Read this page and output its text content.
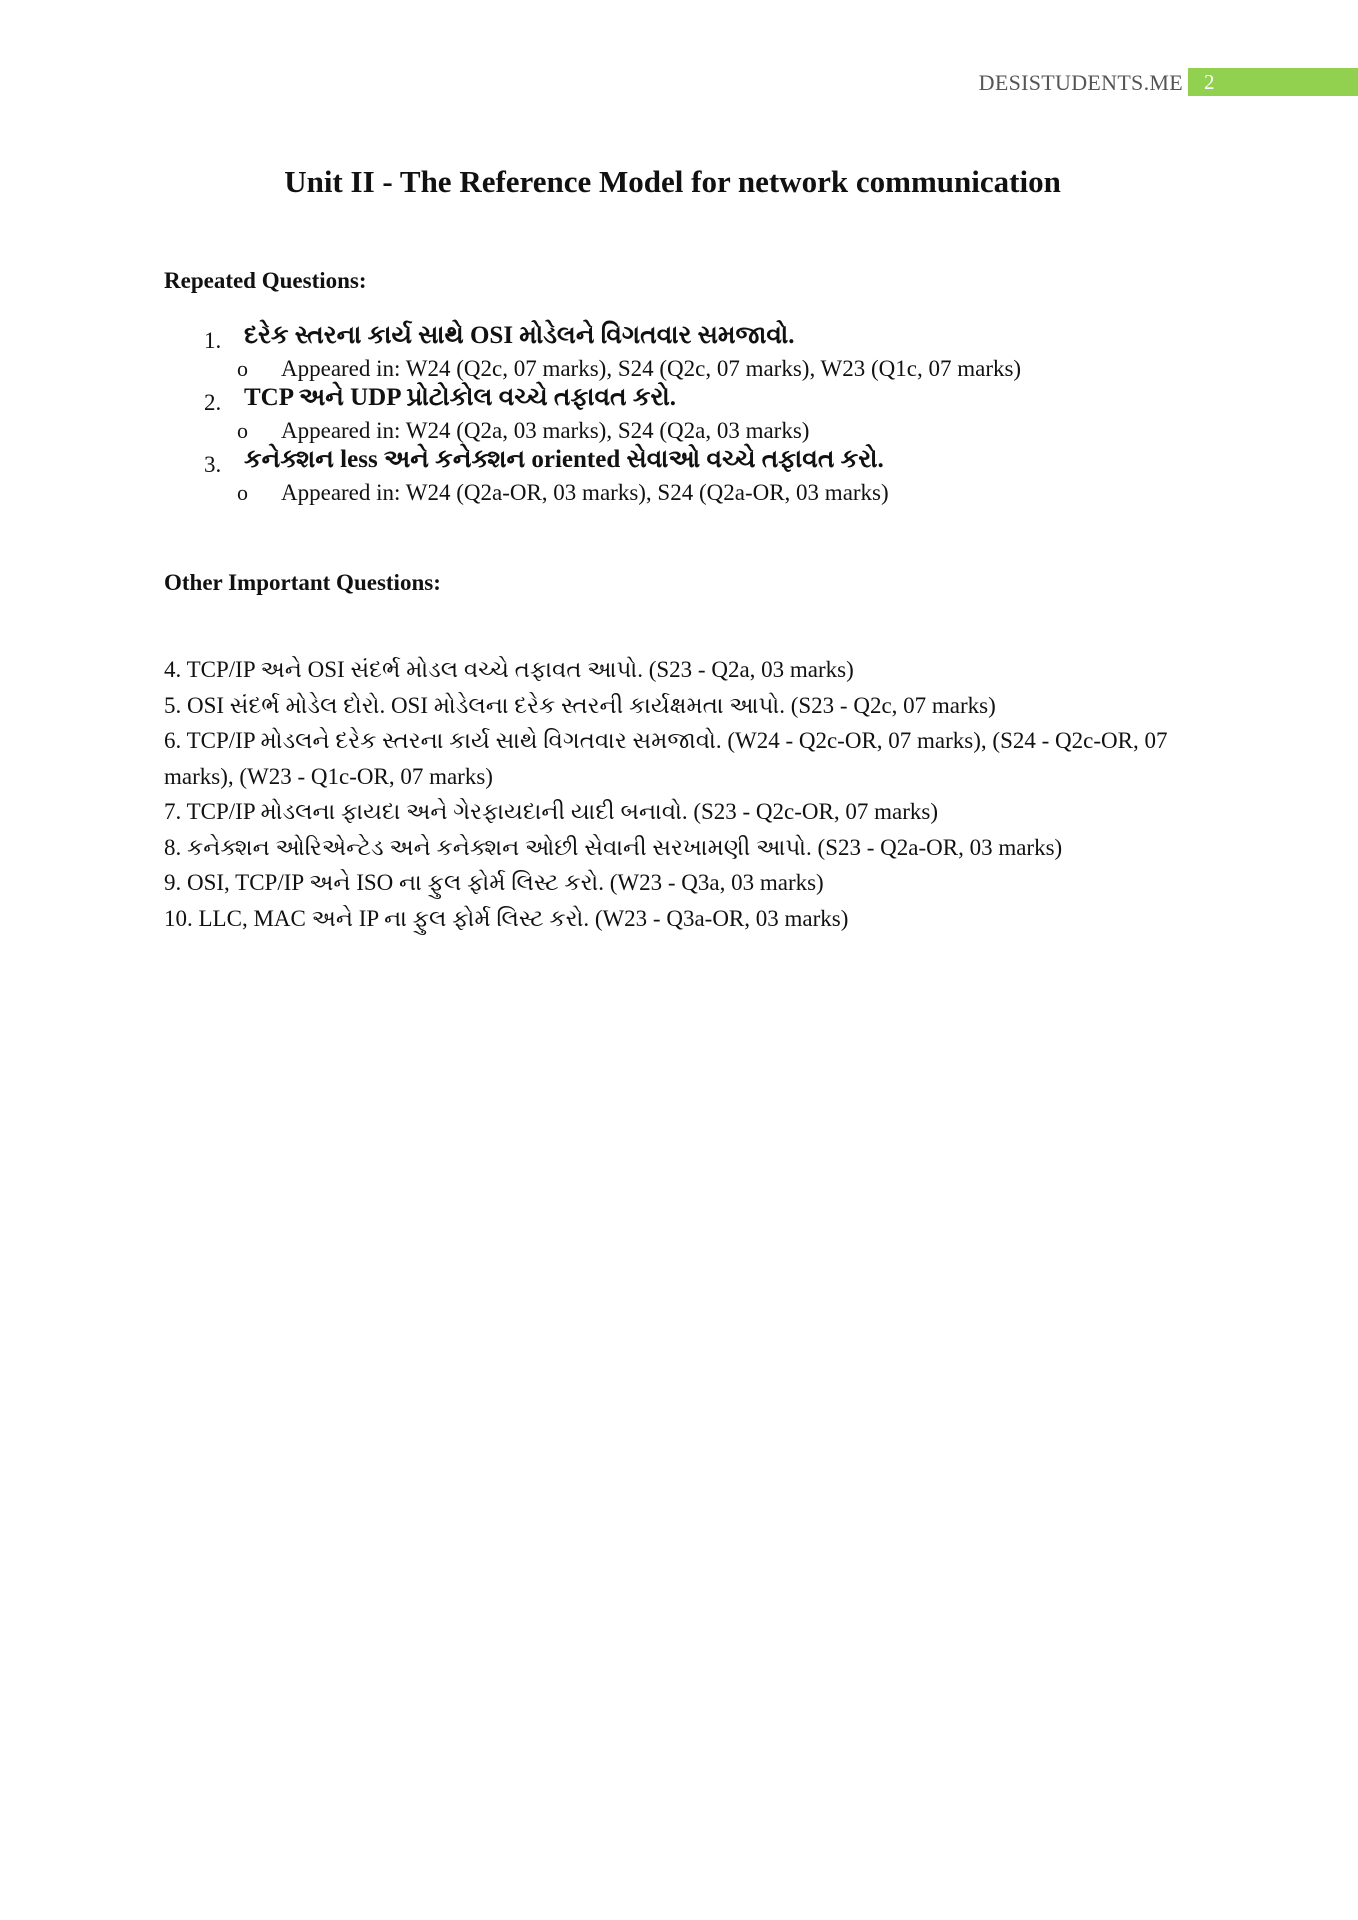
DESISTUDENTS.ME	2
Unit II - The Reference Model for network communication
Repeated Questions:
1. દરેક સ્તરના કાર્ય સાથે OSI મોડેલને વિગતવાર સમજાવો.
o Appeared in: W24 (Q2c, 07 marks), S24 (Q2c, 07 marks), W23 (Q1c, 07 marks)
2. TCP અને UDP પ્રોટોકોલ વચ્ચે તફાવત કરો.
o Appeared in: W24 (Q2a, 03 marks), S24 (Q2a, 03 marks)
3. કનેક્શન less અને કનેક્શન oriented સેવાઓ વચ્ચે તફાવત કરો.
o Appeared in: W24 (Q2a-OR, 03 marks), S24 (Q2a-OR, 03 marks)
Other Important Questions:
4. TCP/IP અને OSI સંદર્ભ મોડલ વચ્ચે તફાવત આપો. (S23 - Q2a, 03 marks)
5. OSI સંદર્ભ મોડેલ દોરો. OSI મોડેલના દરેક સ્તરની કાર્યક્ષમતા આપો. (S23 - Q2c, 07 marks)
6. TCP/IP મોડલને દરેક સ્તરના કાર્ય સાથે વિગતવાર સમજાવો. (W24 - Q2c-OR, 07 marks), (S24 - Q2c-OR, 07 marks), (W23 - Q1c-OR, 07 marks)
7. TCP/IP મોડલના ફાયદા અને ગેરફાયદાની યાદી બનાવો. (S23 - Q2c-OR, 07 marks)
8. કનેક્શન ઓરિએન્ટેડ અને કનેક્શન ઓછી સેવાની સરખામણી આપો. (S23 - Q2a-OR, 03 marks)
9. OSI, TCP/IP અને ISO ના ફુલ ફોર્મ લિસ્ટ કરો. (W23 - Q3a, 03 marks)
10. LLC, MAC અને IP ના ફુલ ફોર્મ લિસ્ટ કરો. (W23 - Q3a-OR, 03 marks)
